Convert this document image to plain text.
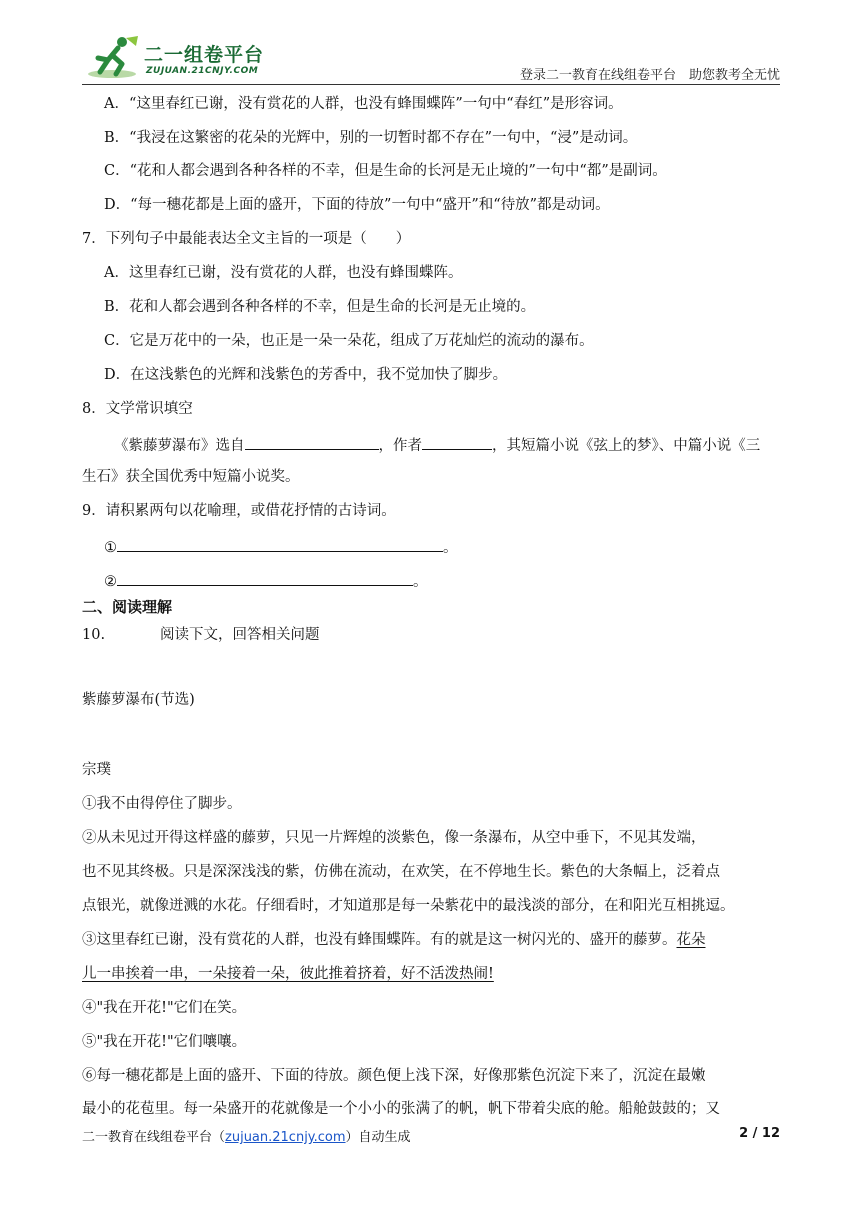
二一组卷平台
ZUJUAN.21CNJY.COM	登录二一教育在线组卷平台　助您教考全无忧
A．“这里春红已谢，没有赏花的人群，也没有蜂围蝶阵”一句中“春红”是形容词。
B．“我浸在这繁密的花朵的光辉中，别的一切暂时都不存在”一句中，“浸”是动词。
C．“花和人都会遇到各种各样的不幸，但是生命的长河是无止境的”一句中“都”是副词。
D．“每一穗花都是上面的盛开，下面的待放”一句中“盛开”和“待放”都是动词。
7．下列句子中最能表达全文主旨的一项是（　　）
A．这里春红已谢，没有赏花的人群，也没有蜂围蝶阵。
B．花和人都会遇到各种各样的不幸，但是生命的长河是无止境的。
C．它是万花中的一朵，也正是一朵一朵花，组成了万花灿烂的流动的瀑布。
D．在这浅紫色的光辉和浅紫色的芳香中，我不觉加快了脚步。
8．文学常识填空
《紫藤萝瀑布》选自	，作者	，其短篇小说《弦上的梦》、中篇小说《三
生石》获全国优秀中短篇小说奖。
9．请积累两句以花喻理，或借花抒情的古诗词。
①	。
②	。
二、阅读理解
10.	阅读下文，回答相关问题
紫藤萝瀑布(节选)
宗璞
①我不由得停住了脚步。
②从未见过开得这样盛的藤萝，只见一片辉煌的淡紫色，像一条瀑布，从空中垂下，不见其发端，
也不见其终极。只是深深浅浅的紫，仿佛在流动，在欢笑，在不停地生长。紫色的大条幅上，泛着点
点银光，就像迸溅的水花。仔细看时，才知道那是每一朵紫花中的最浅淡的部分，在和阳光互相挑逗。
③这里春红已谢，没有赏花的人群，也没有蜂围蝶阵。有的就是这一树闪光的、盛开的藤萝。花朵
儿一串挨着一串，一朵接着一朵，彼此推着挤着，好不活泼热闹!
④"我在开花!"它们在笑。
⑤"我在开花!"它们嚷嚷。
⑥每一穗花都是上面的盛开、下面的待放。颜色便上浅下深，好像那紫色沉淀下来了，沉淀在最嫩
最小的花苞里。每一朵盛开的花就像是一个小小的张满了的帆，帆下带着尖底的舱。船舱鼓鼓的；又
二一教育在线组卷平台（zujuan.21cnjy.com）自动生成	2 / 12
